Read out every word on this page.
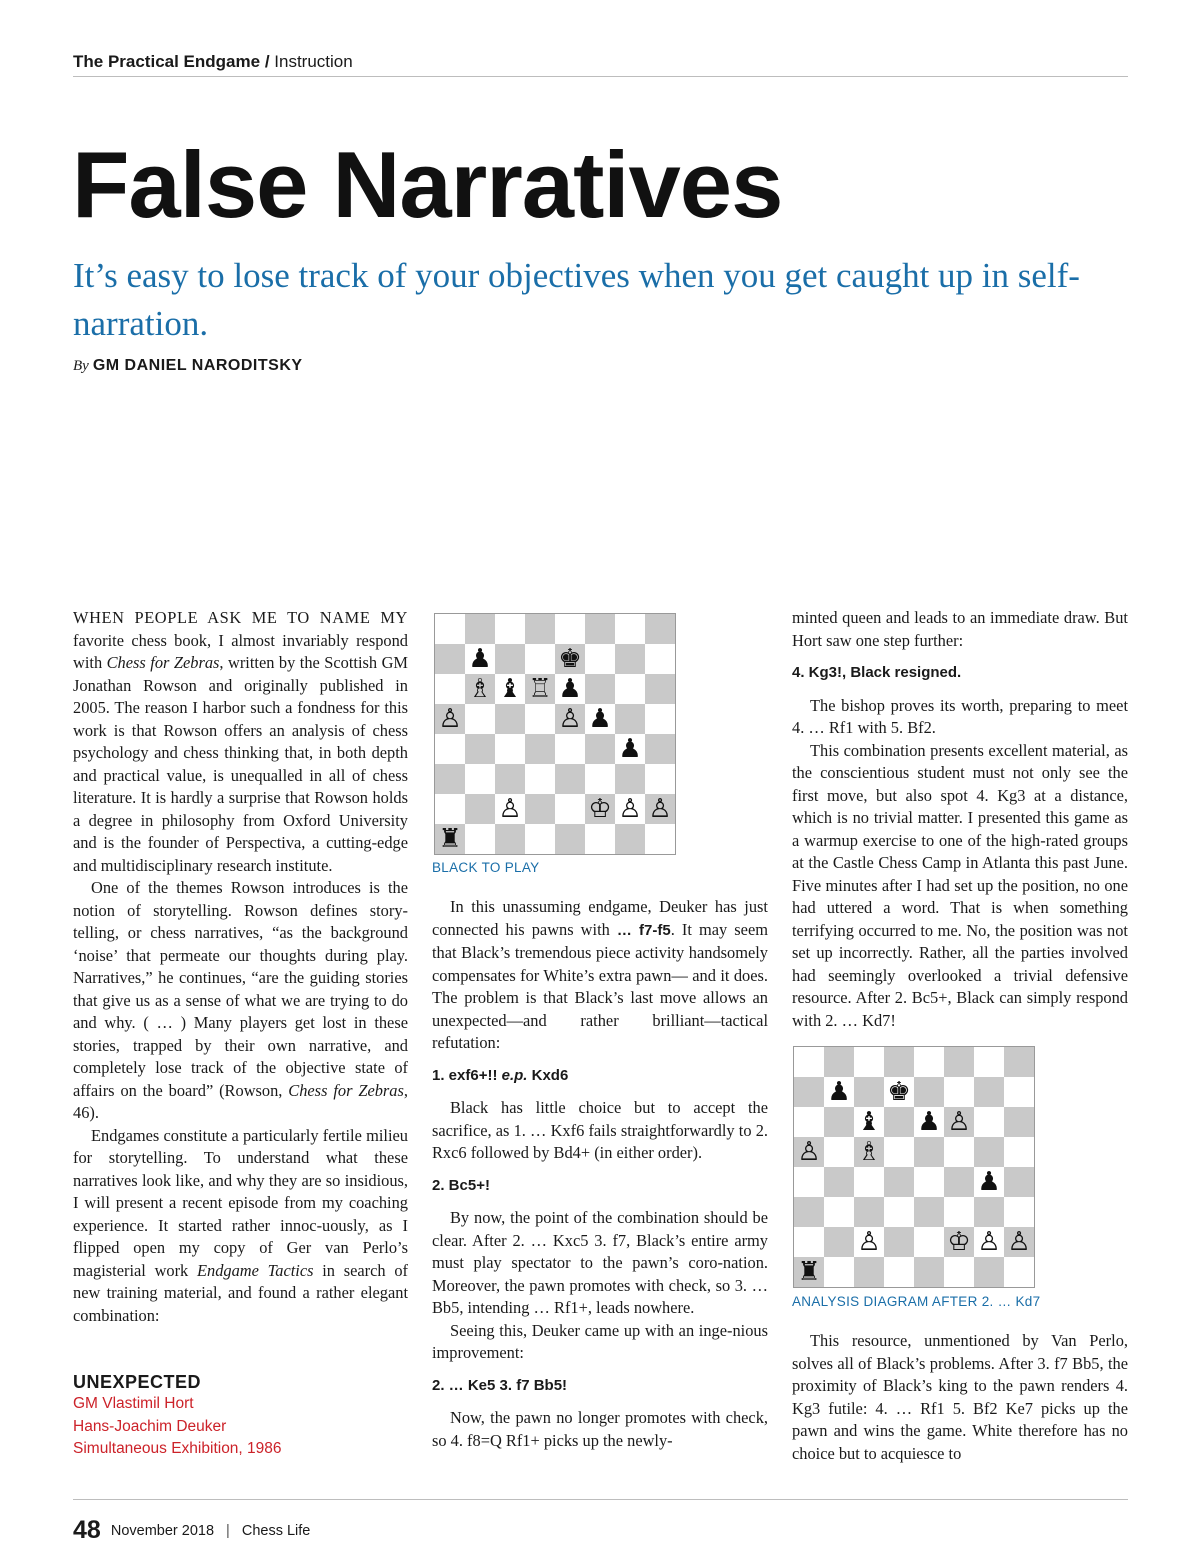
The Practical Endgame / Instruction
False Narratives
It’s easy to lose track of your objectives when you get caught up in self-narration.
By GM DANIEL NARODITSKY

WHEN PEOPLE ASK ME TO NAME MY favorite chess book, I almost invariably respond with Chess for Zebras, written by the Scottish GM Jonathan Rowson and originally published in 2005. The reason I harbor such a fondness for this work is that Rowson offers an analysis of chess psychology and chess thinking that, in both depth and practical value, is unequalled in all of chess literature. It is hardly a surprise that Rowson holds a degree in philosophy from Oxford University and is the founder of Perspectiva, a cutting-edge and multidisciplinary research institute.

One of the themes Rowson introduces is the notion of storytelling. Rowson defines story-telling, or chess narratives, “as the background ‘noise’ that permeate our thoughts during play. Narratives,” he continues, “are the guiding stories that give us as a sense of what we are trying to do and why. ( … ) Many players get lost in these stories, trapped by their own narrative, and completely lose track of the objective state of affairs on the board” (Rowson, Chess for Zebras, 46).

Endgames constitute a particularly fertile milieu for storytelling. To understand what these narratives look like, and why they are so insidious, I will present a recent episode from my coaching experience. It started rather innoc-uously, as I flipped open my copy of Ger van Perlo’s magisterial work Endgame Tactics in search of new training material, and found a rather elegant combination:

UNEXPECTED
GM Vlastimil Hort
Hans-Joachim Deuker
Simultaneous Exhibition, 1986
♟︎	♚︎
♗︎ ♝︎ ♖︎ ♟︎
♙︎	♙︎ ♟︎
♟︎
♙︎	♔︎ ♙︎ ♙︎
♜︎
BLACK TO PLAY

In this unassuming endgame, Deuker has just connected his pawns with … f7-f5. It may seem that Black’s tremendous piece activity handsomely compensates for White’s extra pawn— and it does. The problem is that Black’s last move allows an unexpected—and rather brilliant—tactical refutation:

1. exf6+!! e.p. Kxd6

Black has little choice but to accept the sacrifice, as 1. … Kxf6 fails straightforwardly to 2. Rxc6 followed by Bd4+ (in either order).

2. Bc5+!

By now, the point of the combination should be clear. After 2. … Kxc5 3. f7, Black’s entire army must play spectator to the pawn’s coro-nation. Moreover, the pawn promotes with check, so 3. … Bb5, intending … Rf1+, leads nowhere.

Seeing this, Deuker came up with an inge-nious improvement:

2. … Ke5 3. f7 Bb5!

Now, the pawn no longer promotes with check, so 4. f8=Q Rf1+ picks up the newly-

minted queen and leads to an immediate draw. But Hort saw one step further:

4. Kg3!, Black resigned.

The bishop proves its worth, preparing to meet 4. … Rf1 with 5. Bf2.

This combination presents excellent material, as the conscientious student must not only see the first move, but also spot 4. Kg3 at a distance, which is no trivial matter. I presented this game as a warmup exercise to one of the high-rated groups at the Castle Chess Camp in Atlanta this past June. Five minutes after I had set up the position, no one had uttered a word. That is when something terrifying occurred to me. No, the position was not set up incorrectly. Rather, all the parties involved had seemingly overlooked a trivial defensive resource. After 2. Bc5+, Black can simply respond with 2. … Kd7!

♟︎ ♚︎
♝︎ ♟︎ ♙︎
♙︎ ♗︎
♟︎
♙︎	♔︎ ♙︎ ♙︎
♜︎
ANALYSIS DIAGRAM AFTER 2. … Kd7

This resource, unmentioned by Van Perlo, solves all of Black’s problems. After 3. f7 Bb5, the proximity of Black’s king to the pawn renders 4. Kg3 futile: 4. … Rf1 5. Bf2 Ke7 picks up the pawn and wins the game. White therefore has no choice but to acquiesce to

48 November 2018 | Chess Life
